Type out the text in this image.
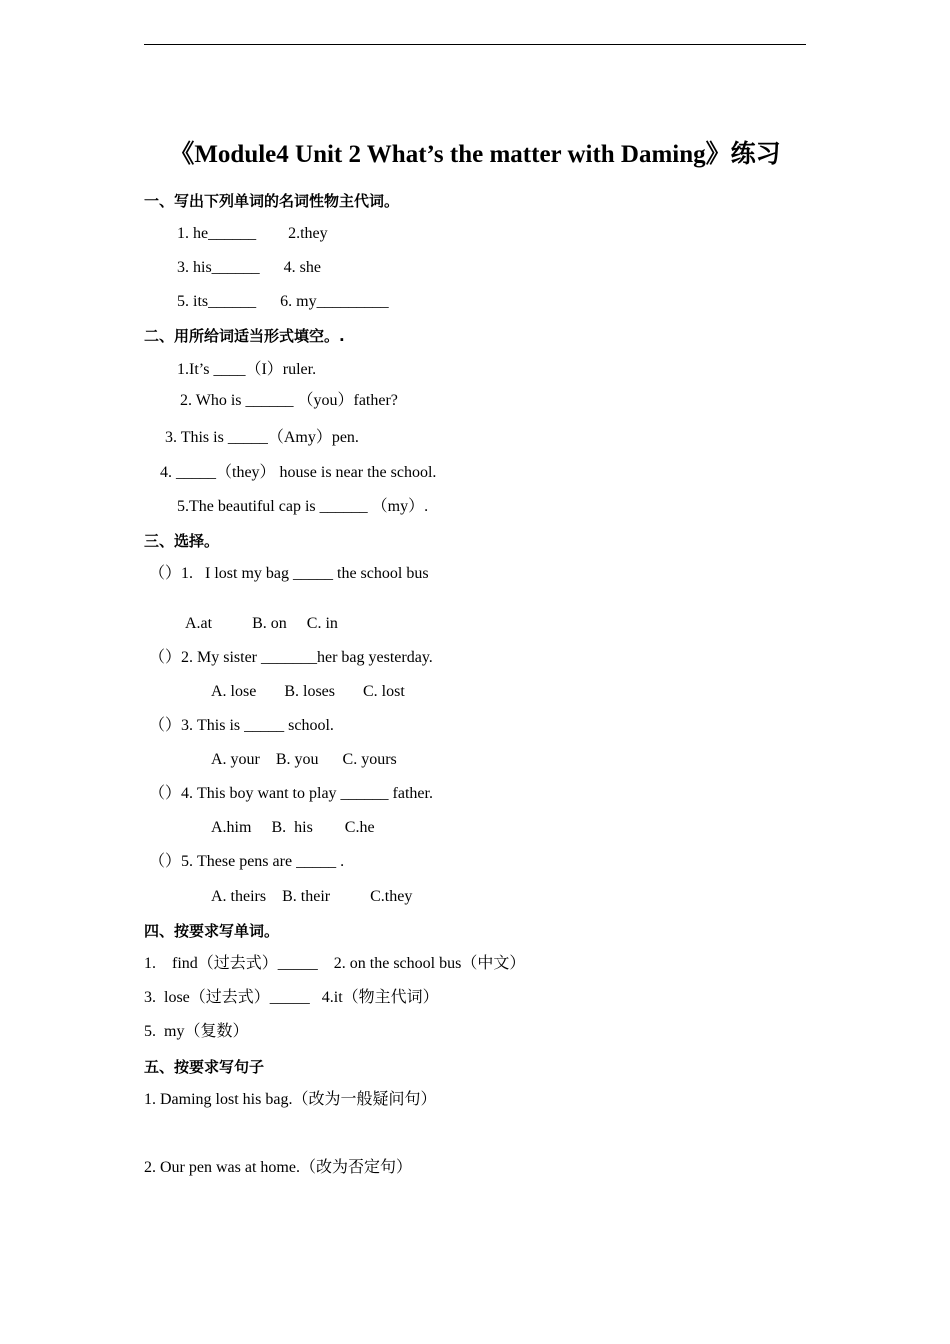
《Module4 Unit 2 What’s the matter with Daming》练习
一、写出下列单词的名词性物主代词。
1. he______        2.they
3. his______      4. she
5. its______      6. my_________
二、用所给词适当形式填空。.
1.It’s ____（I）ruler.
2. Who is ______ （you）father?
3. This is _____（Amy）pen.
4. _____（they） house is near the school.
5.The beautiful cap is ______ （my）.
三、选择。
（）1.   I lost my bag _____ the school bus
A.at          B. on     C. in
（）2. My sister _______her bag yesterday.
A. lose       B. loses       C. lost
（）3. This is _____ school.
A. your    B. you      C. yours
（）4. This boy want to play ______ father.
A.him     B.  his        C.he
（）5. These pens are _____ .
A. theirs    B. their          C.they
四、按要求写单词。
1.    find（过去式）_____    2. on the school bus（中文）
3.  lose（过去式）_____   4.it（物主代词）
5.  my（复数）
五、按要求写句子
1. Daming lost his bag.（改为一般疑问句）
2. Our pen was at home.（改为否定句）
